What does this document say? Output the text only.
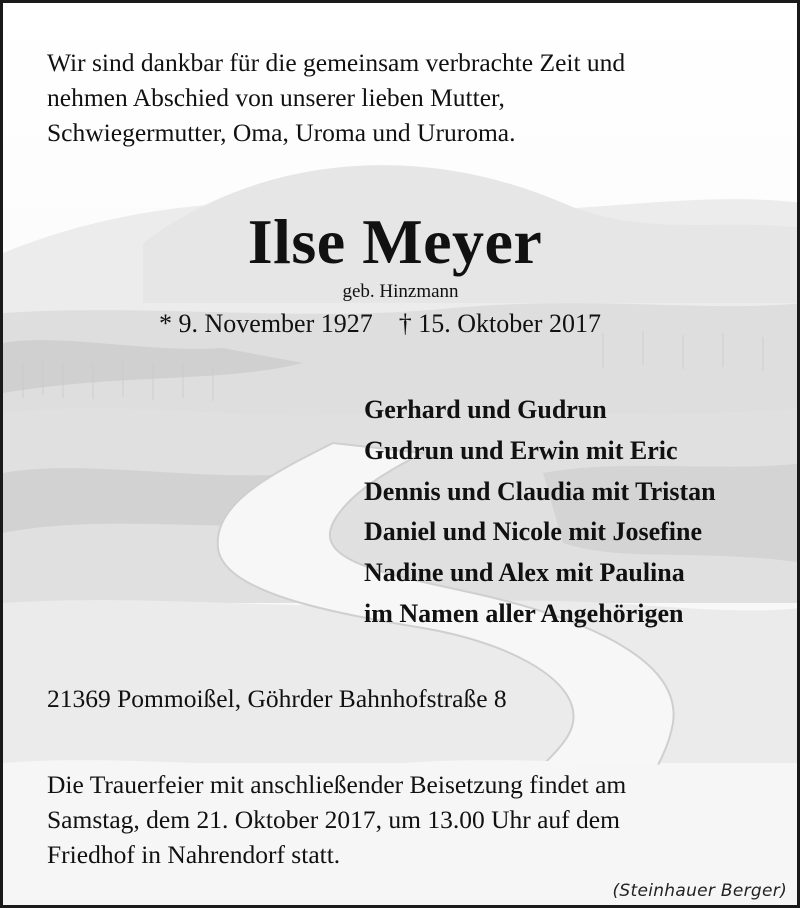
Wir sind dankbar für die gemeinsam verbrachte Zeit und
nehmen Abschied von unserer lieben Mutter,
Schwiegermutter, Oma, Uroma und Ururoma.

Ilse Meyer
geb. Hinzmann
* 9. November 1927 † 15. Oktober 2017
Gerhard und Gudrun
Gudrun und Erwin mit Eric
Dennis und Claudia mit Tristan
Daniel und Nicole mit Josefine
Nadine und Alex mit Paulina
im Namen aller Angehörigen

21369 Pommoißel, Göhrder Bahnhofstraße 8

Die Trauerfeier mit anschließender Beisetzung findet am
Samstag, dem 21. Oktober 2017, um 13.00 Uhr auf dem
Friedhof in Nahrendorf statt.

(Steinhauer Berger)
